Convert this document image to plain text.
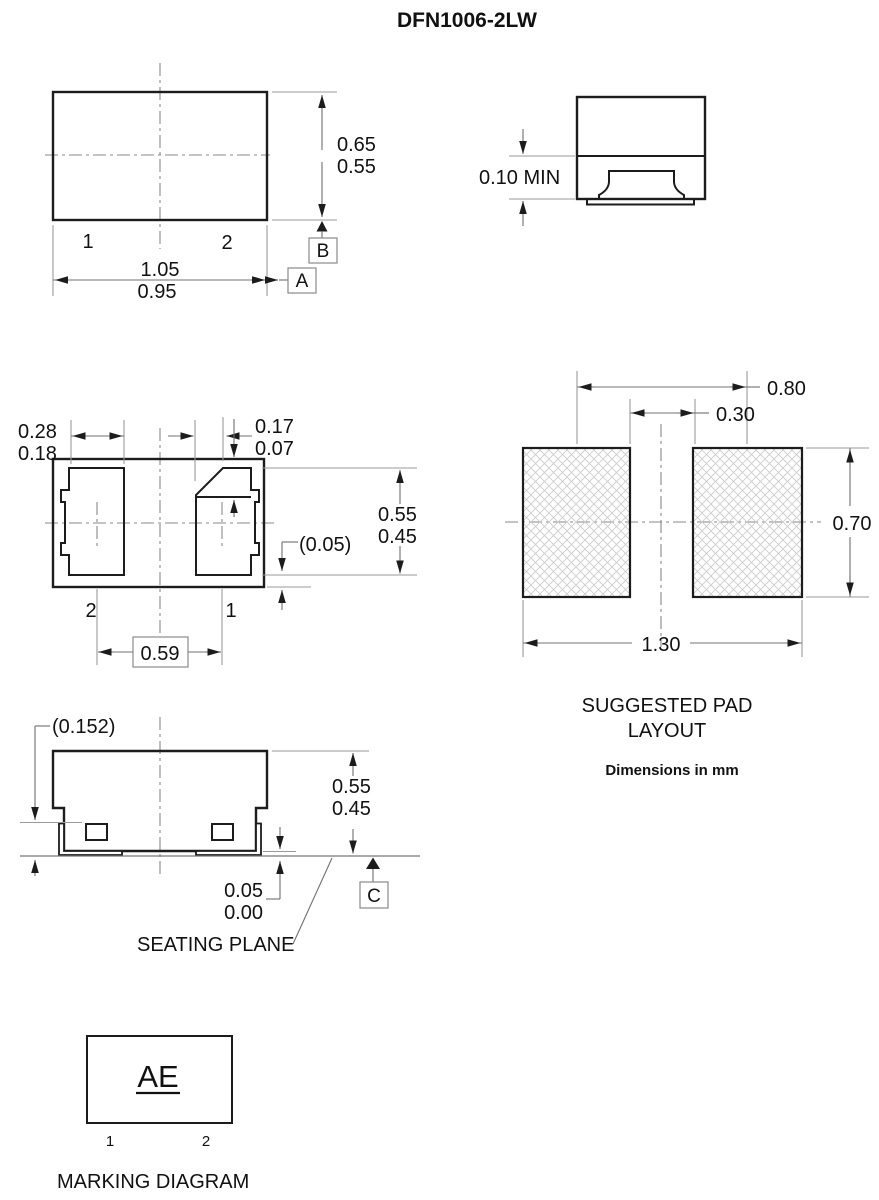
DFN1006-2LW
0.65
0.55
B
1.05
0.95	A
1	2
0.10 MIN
0.28
0.18
0.17
0.07
0.55
0.45
(0.05)
0.59
2	1
0.80
0.30
0.70
1.30
SUGGESTED PAD
LAYOUT
Dimensions in mm
C
(0.152)
0.55
0.45
0.05
0.00
SEATING PLANE
AE
1	2
MARKING DIAGRAM
